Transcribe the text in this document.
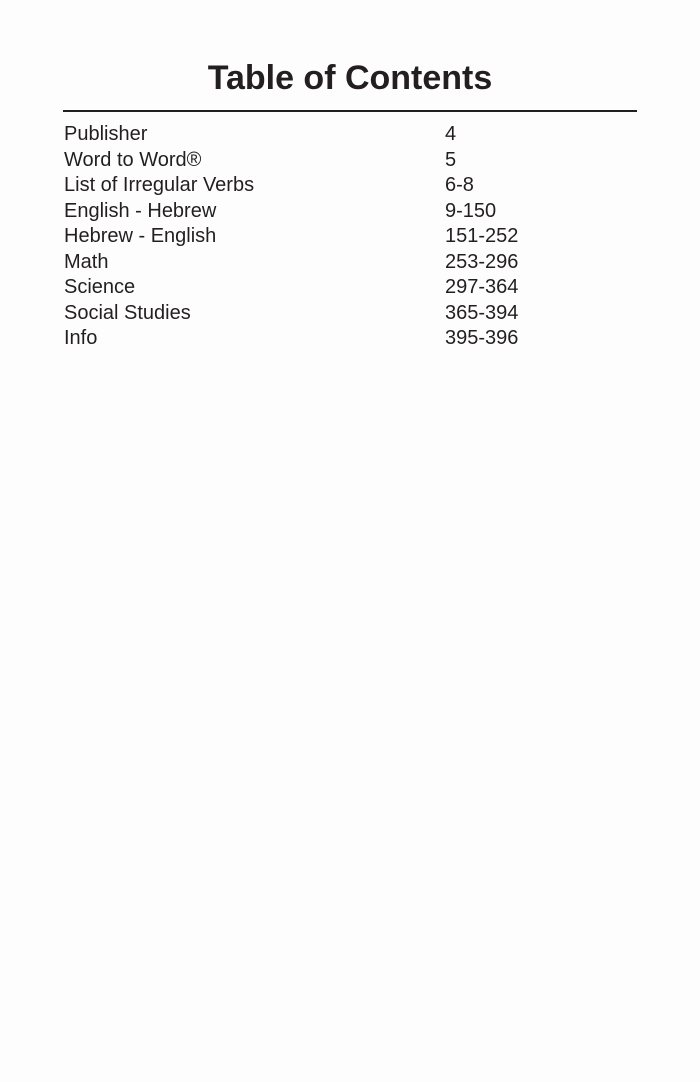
Table of Contents
Publisher	4
Word to Word®	5
List of Irregular Verbs	6-8
English - Hebrew	9-150
Hebrew - English	151-252
Math	253-296
Science	297-364
Social Studies	365-394
Info	395-396
